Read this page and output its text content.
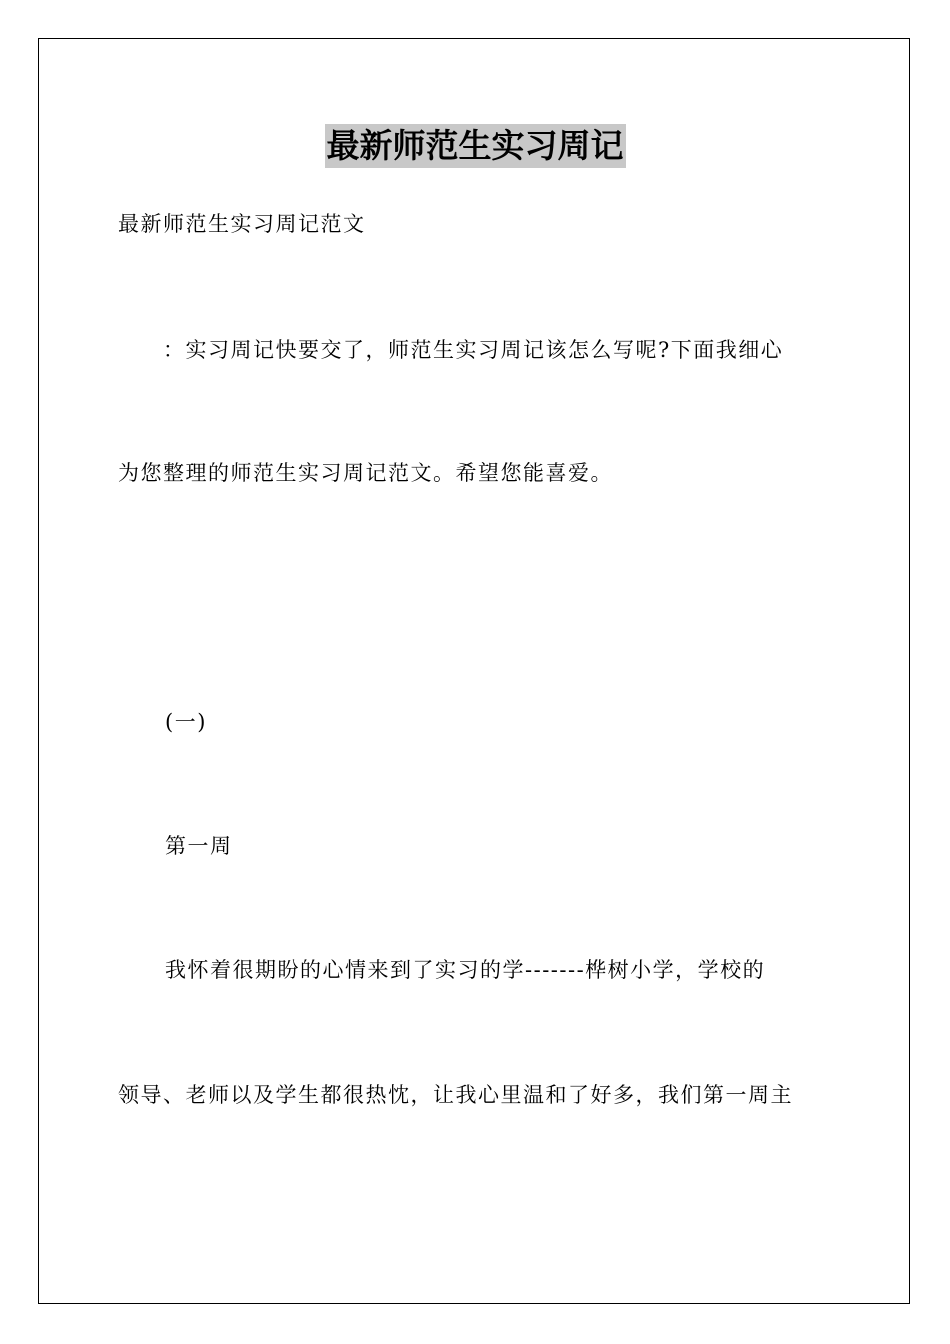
最新师范生实习周记
最新师范生实习周记范文
：实习周记快要交了，师范生实习周记该怎么写呢?下面我细心
为您整理的师范生实习周记范文。希望您能喜爱。
(一)
第一周
我怀着很期盼的心情来到了实习的学-------桦树小学，学校的
领导、老师以及学生都很热忱，让我心里温和了好多，我们第一周主
